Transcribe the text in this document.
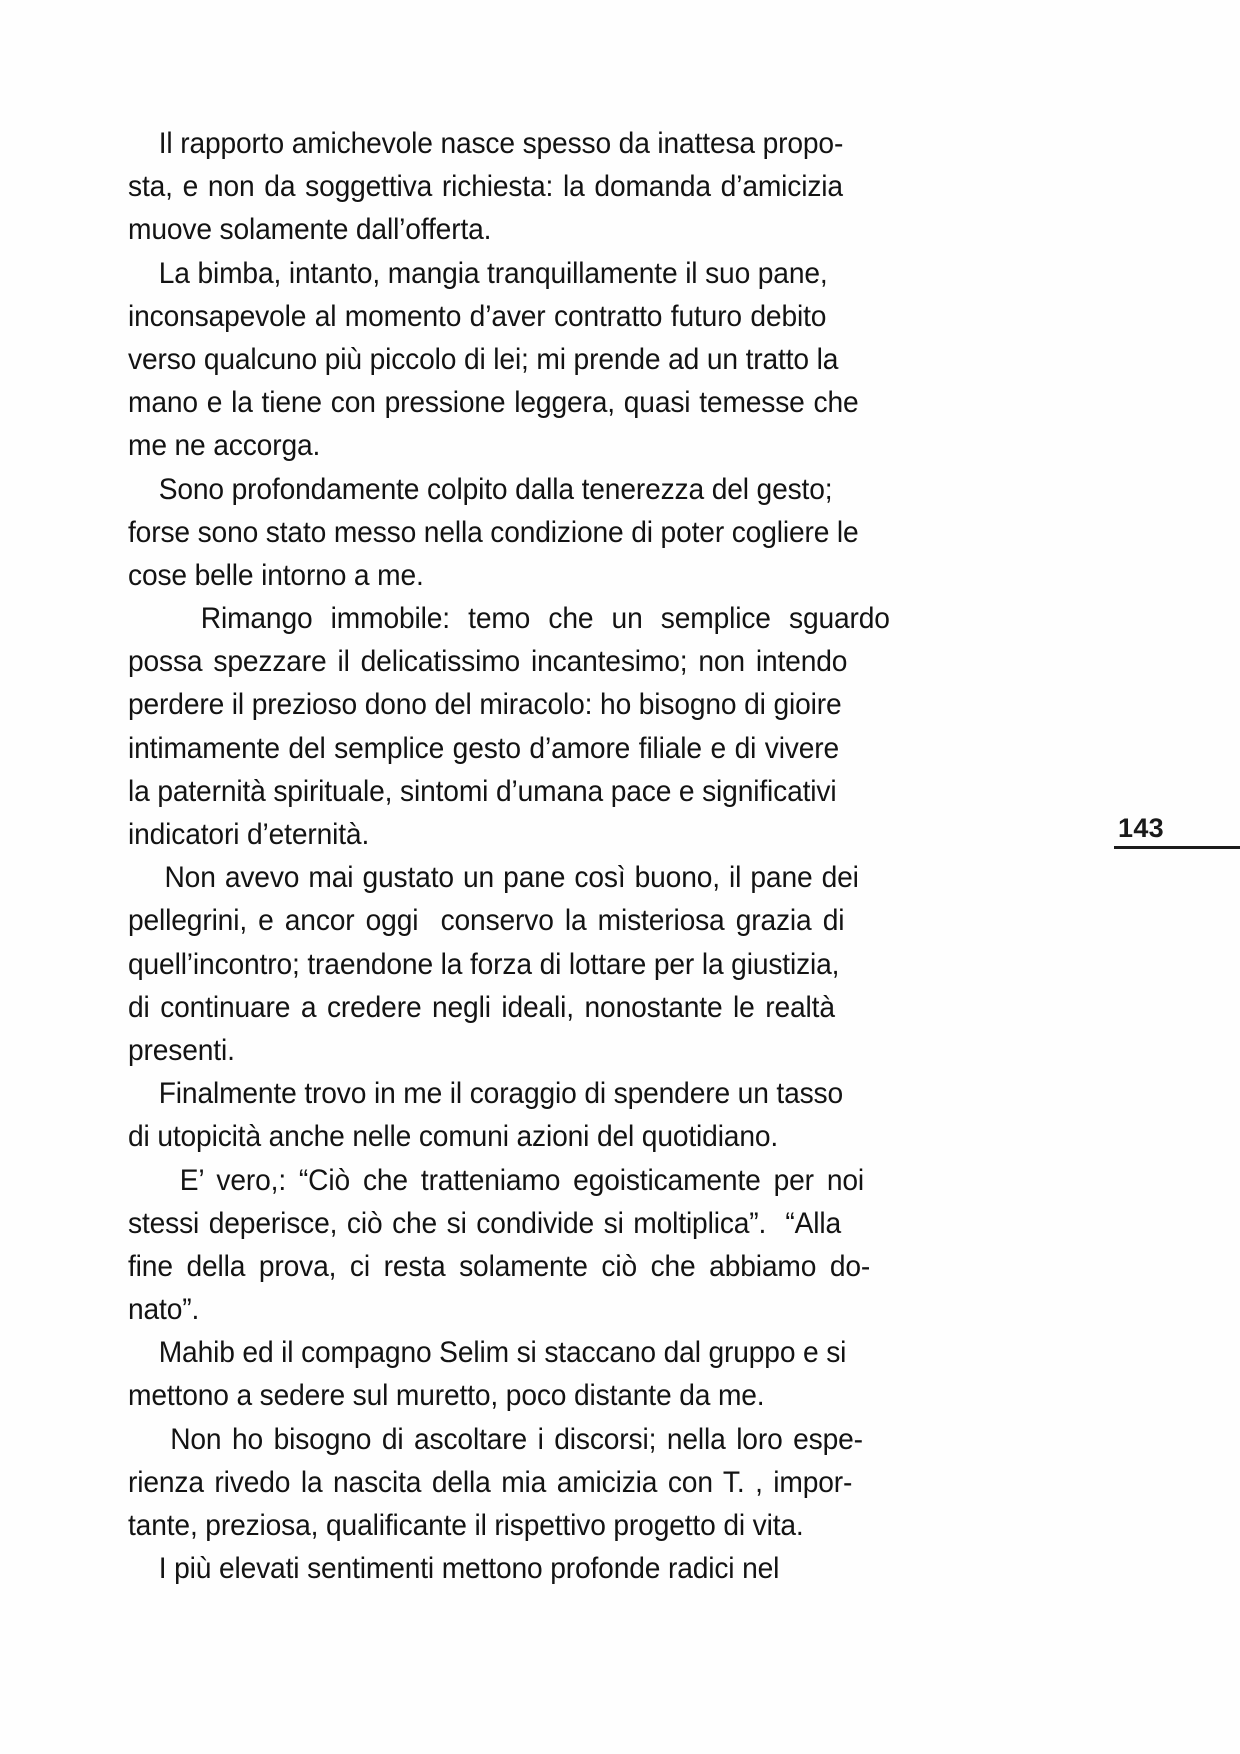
Il rapporto amichevole nasce spesso da inattesa propo-
sta, e non da soggettiva richiesta: la domanda d’amicizia
muove solamente dall’offerta.
La bimba, intanto, mangia tranquillamente il suo pane,
inconsapevole al momento d’aver contratto futuro debito
verso qualcuno più piccolo di lei; mi prende ad un tratto la
mano e la tiene con pressione leggera, quasi temesse che
me ne accorga.
Sono profondamente colpito dalla tenerezza del gesto;
forse sono stato messo nella condizione di poter cogliere le
cose belle intorno a me.
Rimango immobile: temo che un semplice sguardo
possa spezzare il delicatissimo incantesimo; non intendo
perdere il prezioso dono del miracolo: ho bisogno di gioire
intimamente del semplice gesto d’amore filiale e di vivere
la paternità spirituale, sintomi d’umana pace e significativi
indicatori d’eternità.
Non avevo mai gustato un pane così buono, il pane dei
pellegrini, e ancor oggi  conservo la misteriosa grazia di
quell’incontro; traendone la forza di lottare per la giustizia,
di continuare a credere negli ideali, nonostante le realtà
presenti.
Finalmente trovo in me il coraggio di spendere un tasso
di utopicità anche nelle comuni azioni del quotidiano.
E’ vero,: “Ciò che tratteniamo egoisticamente per noi
stessi deperisce, ciò che si condivide si moltiplica”.  “Alla
fine della prova, ci resta solamente ciò che abbiamo do-
nato”.
Mahib ed il compagno Selim si staccano dal gruppo e si
mettono a sedere sul muretto, poco distante da me.
Non ho bisogno di ascoltare i discorsi; nella loro espe-
rienza rivedo la nascita della mia amicizia con T. , impor-
tante, preziosa, qualificante il rispettivo progetto di vita.
I più elevati sentimenti mettono profonde radici nel
143
